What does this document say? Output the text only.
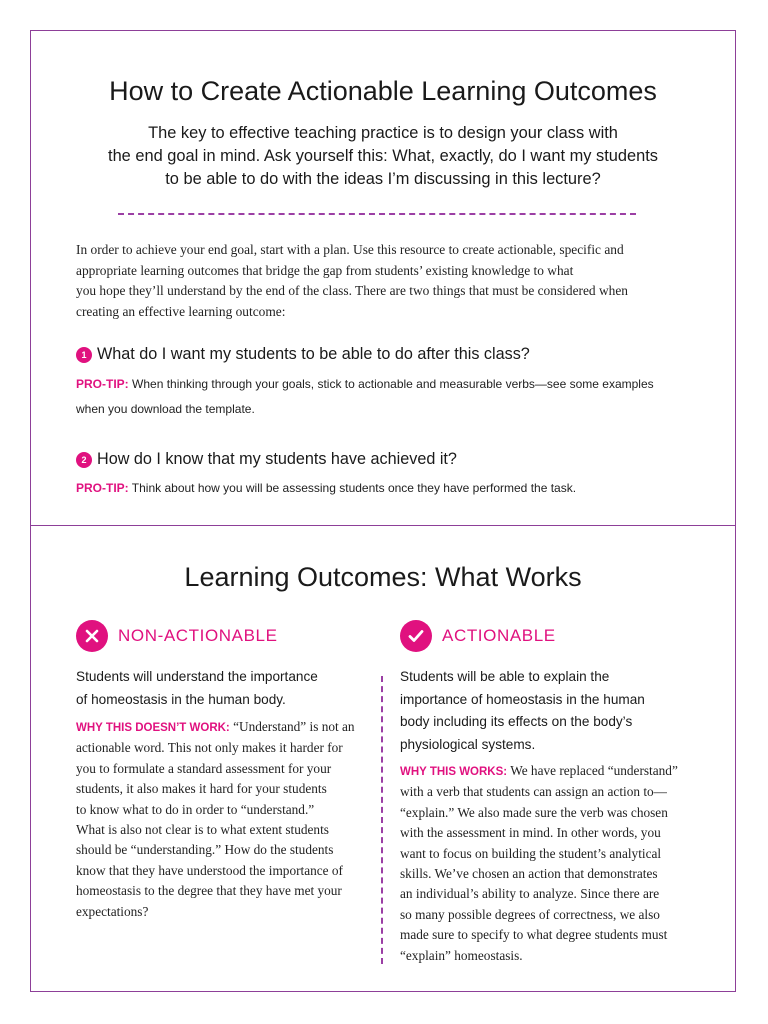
How to Create Actionable Learning Outcomes

The key to effective teaching practice is to design your class with
the end goal in mind. Ask yourself this: What, exactly, do I want my students
to be able to do with the ideas I’m discussing in this lecture?

In order to achieve your end goal, start with a plan. Use this resource to create actionable, specific and
appropriate learning outcomes that bridge the gap from students’ existing knowledge to what
you hope they’ll understand by the end of the class. There are two things that must be considered when
creating an effective learning outcome:

1 What do I want my students to be able to do after this class?

PRO-TIP: When thinking through your goals, stick to actionable and measurable verbs—see some examples
when you download the template.

2 How do I know that my students have achieved it?

PRO-TIP: Think about how you will be assessing students once they have performed the task.

Learning Outcomes: What Works
NON-ACTIONABLE	ACTIONABLE

Students will understand the importance
of homeostasis in the human body.

WHY THIS DOESN’T WORK: “Understand” is not an
actionable word. This not only makes it harder for
you to formulate a standard assessment for your
students, it also makes it hard for your students
to know what to do in order to “understand.”
What is also not clear is to what extent students
should be “understanding.” How do the students
know that they have understood the importance of
homeostasis to the degree that they have met your
expectations?

Students will be able to explain the
importance of homeostasis in the human
body including its effects on the body’s
physiological systems.

WHY THIS WORKS: We have replaced “understand”
with a verb that students can assign an action to—
“explain.” We also made sure the verb was chosen
with the assessment in mind. In other words, you
want to focus on building the student’s analytical
skills. We’ve chosen an action that demonstrates
an individual’s ability to analyze. Since there are
so many possible degrees of correctness, we also
made sure to specify to what degree students must
“explain” homeostasis.
